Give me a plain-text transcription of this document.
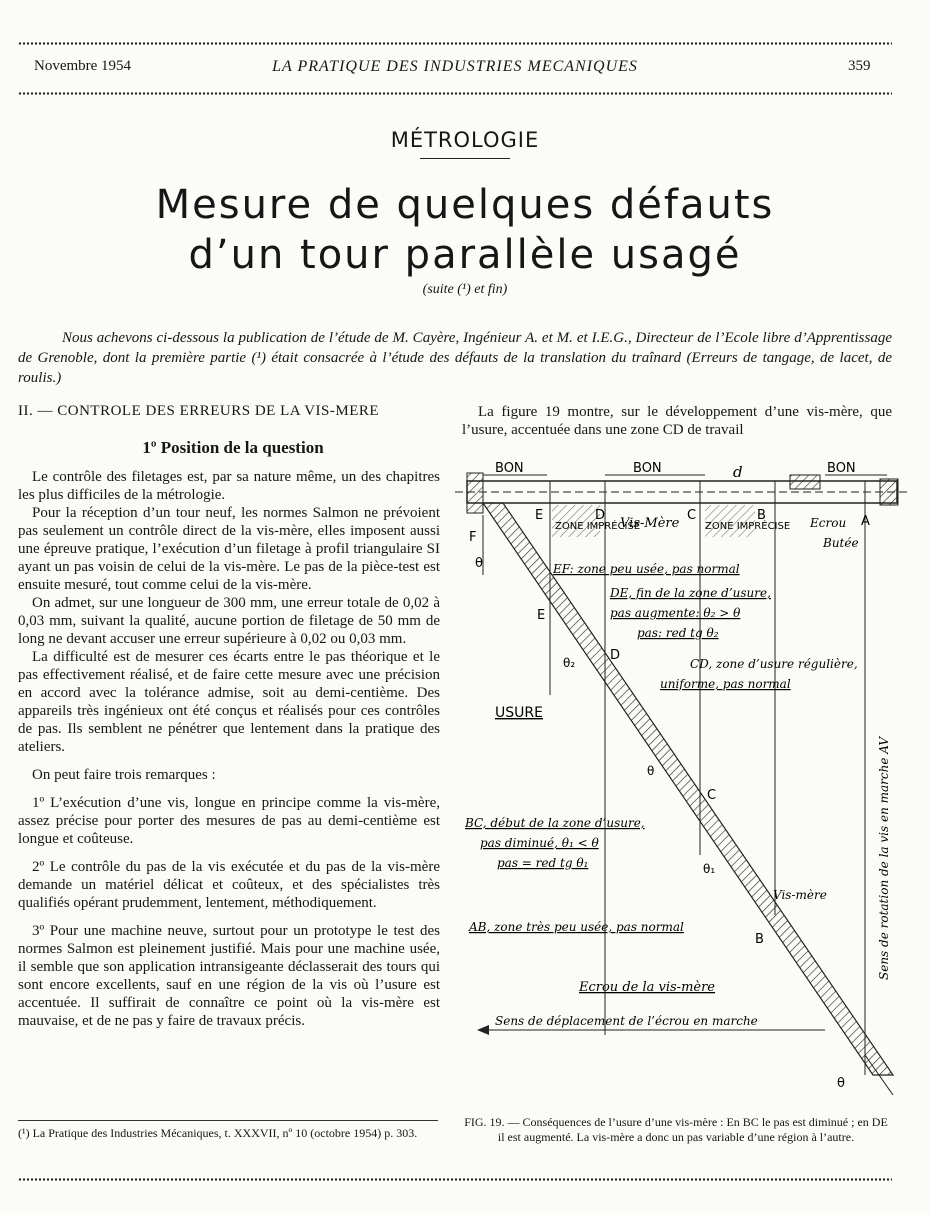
Novembre 1954	LA PRATIQUE DES INDUSTRIES MECANIQUES	359
MÉTROLOGIE
Mesure de quelques défauts
d’un tour parallèle usagé
(suite (¹) et fin)
Nous achevons ci-dessous la publication de l’étude de M. Cayère, Ingénieur A. et M. et I.E.G., Directeur de l’Ecole libre d’Apprentissage de Grenoble, dont la première partie (¹) était consacrée à l’étude des défauts de la translation du traînard (Erreurs de tangage, de lacet, de roulis.)
II. — CONTROLE DES ERREURS DE LA VIS-MERE
1º Position de la question

Le contrôle des filetages est, par sa nature même, un des chapitres les plus difficiles de la métrologie.

Pour la réception d’un tour neuf, les normes Salmon ne prévoient pas seulement un contrôle direct de la vis-mère, elles imposent aussi une épreuve pratique, l’exécution d’un filetage à profil triangulaire SI ayant un pas voisin de celui de la vis-mère. Le pas de la pièce-test est ensuite mesuré, tout comme celui de la vis-mère.

On admet, sur une longueur de 300 mm, une erreur totale de 0,02 à 0,03 mm, suivant la qualité, aucune portion de filetage de 50 mm de long ne devant accuser une erreur supérieure à 0,02 ou 0,03 mm.

La difficulté est de mesurer ces écarts entre le pas théorique et le pas effectivement réalisé, et de faire cette mesure avec une précision en accord avec la tolérance admise, soit au demi-centième. Des appareils très ingénieux ont été conçus et réalisés pour ces contrôles de pas. Ils semblent ne pénétrer que lentement dans la pratique des ateliers.

On peut faire trois remarques :

1º L’exécution d’une vis, longue en principe comme la vis-mère, assez précise pour porter des mesures de pas au demi-centième est longue et coûteuse.

2º Le contrôle du pas de la vis exécutée et du pas de la vis-mère demande un matériel délicat et coûteux, et des spécialistes très qualifiés opérant prudemment, lentement, méthodiquement.

3º Pour une machine neuve, surtout pour un prototype le test des normes Salmon est pleinement justifié. Mais pour une machine usée, il semble que son application intransigeante déclasserait des tours qui sont encore excellents, sauf en une région de la vis où l’usure est accentuée. Il suffirait de connaître ce point où la vis-mère est mauvaise, et de ne pas y faire de travaux précis.

(¹) La Pratique des Industries Mécaniques, t. XXXVII, nº 10 (octobre 1954) p. 303.
La figure 19 montre, sur le développement d’une vis-mère, que l’usure, accentuée dans une zone CD de travail
BON	BON	d	BON
ZONE IMPRÉCISE	ZONE IMPRÉCISE
Vis-Mère	Ecrou
Butée
E	D	C	B	A
F
θ
E
D
θ₂
C
θ₁
θ
B
θ
EF: zone peu usée, pas normal
DE, fin de la zone d’usure,
pas augmente: θ₂ > θ
pas: red tg θ₂
CD, zone d’usure régulière,
uniforme, pas normal
USURE
BC, début de la zone d’usure,
pas diminué, θ₁ < θ
pas = red tg θ₁
Vis-mère
AB, zone très peu usée, pas normal
Ecrou de la vis-mère
Sens de déplacement de l’écrou en marche
Sens de rotation de la vis en marche AV
FIG. 19. — Conséquences de l’usure d’une vis-mère : En BC le pas est diminué ; en DE il est augmenté. La vis-mère a donc un pas variable d’une région à l’autre.
